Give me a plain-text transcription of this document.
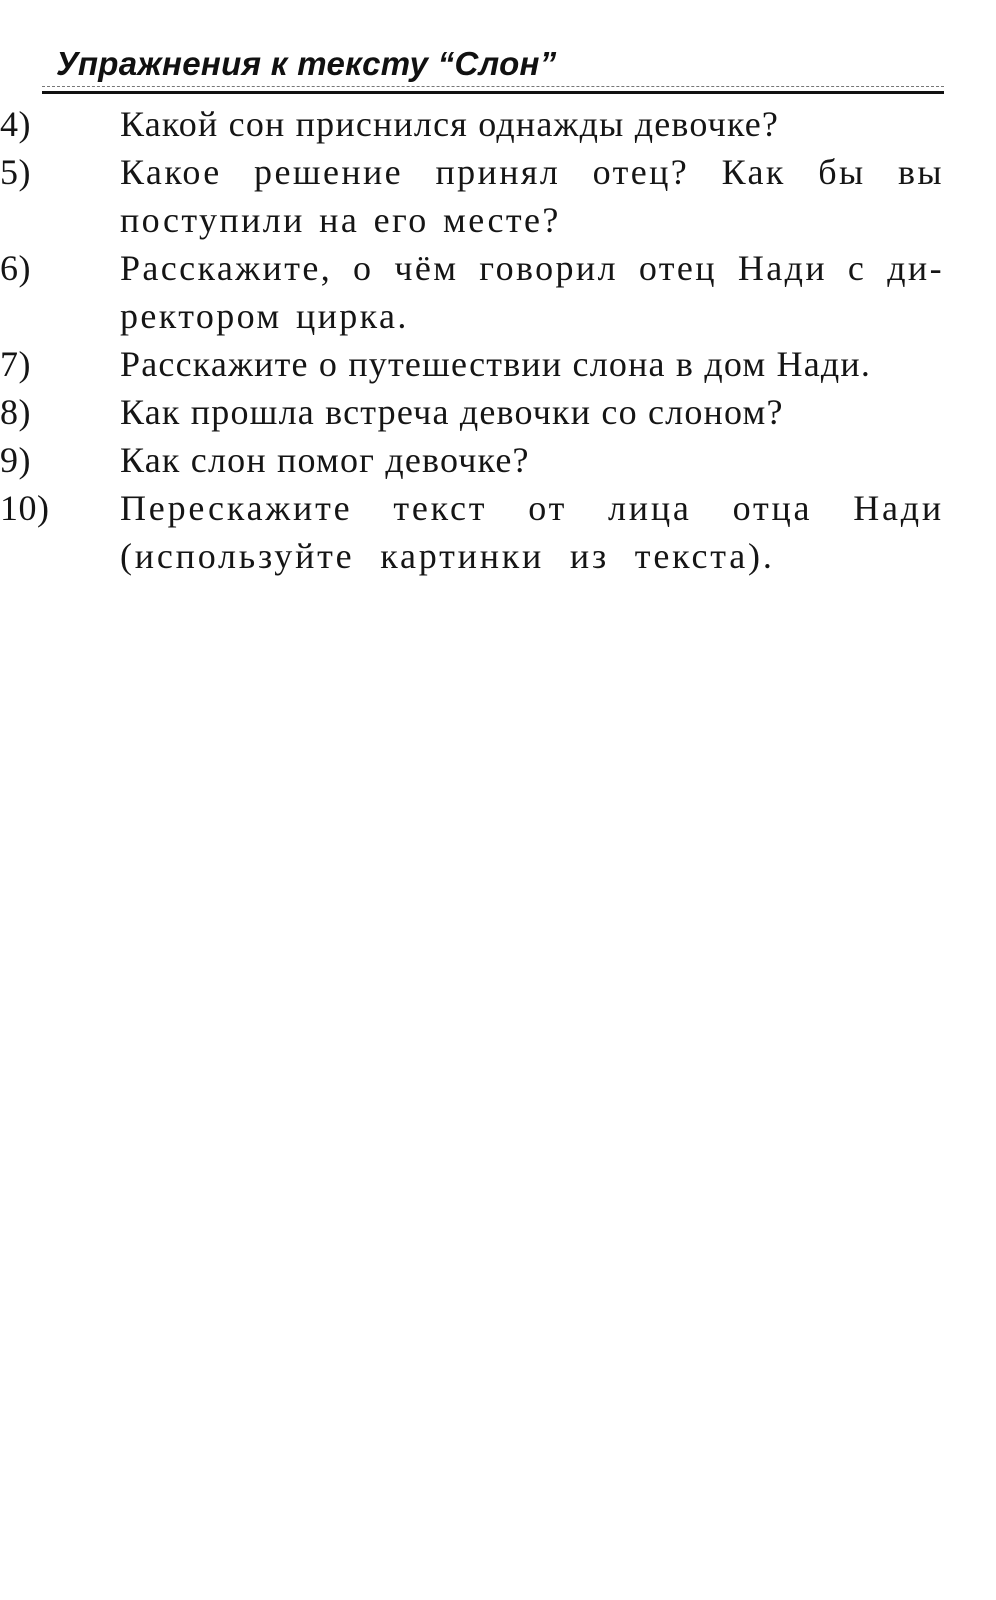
Упражнения к тексту “Слон”

4)	Какой сон приснился однажды девочке?

5)	Какое решение принял отец? Как бы вы поступили на его месте?

6)	Расскажите, о чём говорил отец Нади с ди-ректором цирка.

7)	Расскажите о путешествии слона в дом Нади.

8)	Как прошла встреча девочки со слоном?

9)	Как слон помог девочке?

10)	Перескажите текст от лица отца Нади (используйте картинки из текста).
